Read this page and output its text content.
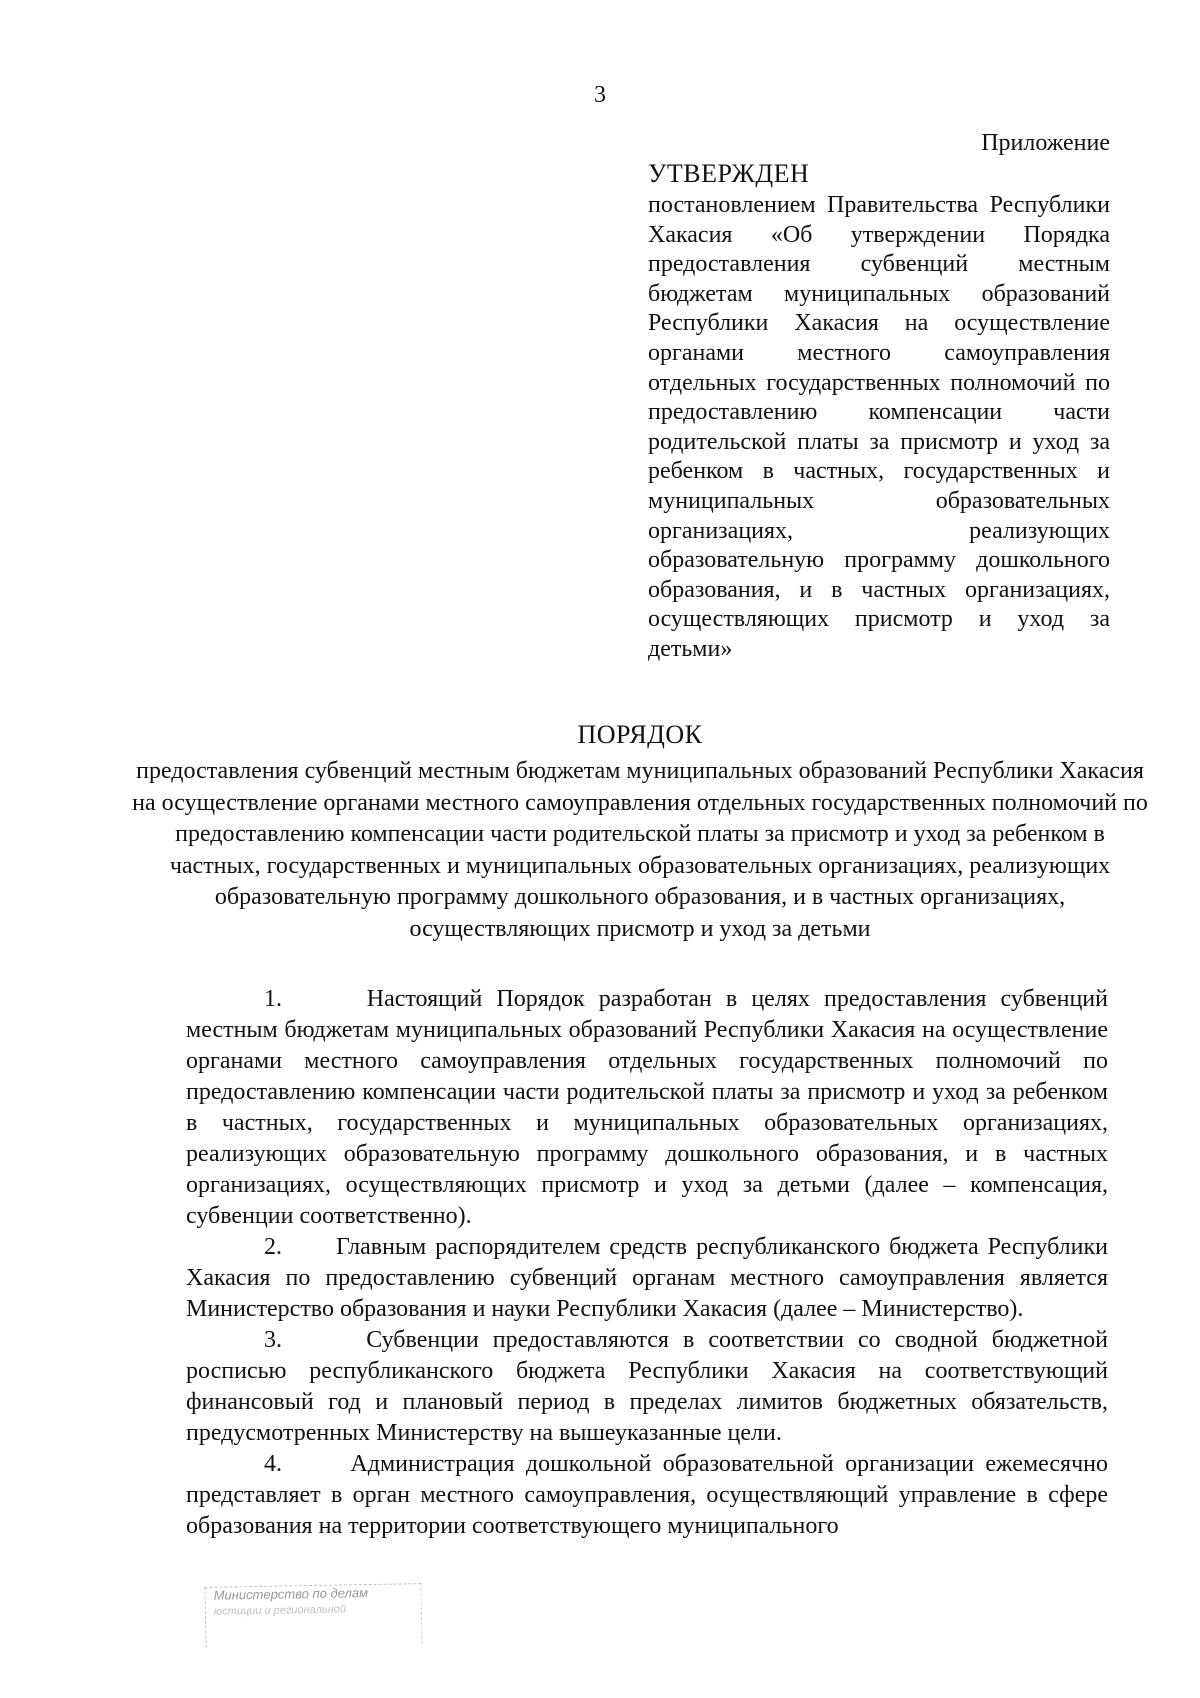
3

Приложение

УТВЕРЖДЕН

постановлением Правительства Республики Хакасия «Об утверждении Порядка предоставления субвенций местным бюджетам муниципальных образований Республики Хакасия на осуществление органами местного самоуправления отдельных государственных полномочий по предоставлению компенсации части родительской платы за присмотр и уход за ребенком в частных, государственных и муниципальных образовательных организациях, реализующих образовательную программу дошкольного образования, и в частных организациях, осуществляющих присмотр и уход за детьми»

ПОРЯДОК

предоставления субвенций местным бюджетам муниципальных образований Республики Хакасия на осуществление органами местного самоуправления отдельных государственных полномочий по предоставлению компенсации части родительской платы за присмотр и уход за ребенком в частных, государственных и муниципальных образовательных организациях, реализующих образовательную программу дошкольного образования, и в частных организациях, осуществляющих присмотр и уход за детьми

1.      Настоящий Порядок разработан в целях предоставления субвенций местным бюджетам муниципальных образований Республики Хакасия на осуществление органами местного самоуправления отдельных государственных полномочий по предоставлению компенсации части родительской платы за присмотр и уход за ребенком в частных, государственных и муниципальных образовательных организациях, реализующих образовательную программу дошкольного образования, и в частных организациях, осуществляющих присмотр и уход за детьми (далее – компенсация, субвенции соответственно).

2.      Главным распорядителем средств республиканского бюджета Республики Хакасия по предоставлению субвенций органам местного самоуправления является Министерство образования и науки Республики Хакасия (далее – Министерство).

3.      Субвенции предоставляются в соответствии со сводной бюджетной росписью республиканского бюджета Республики Хакасия на соответствующий финансовый год и плановый период в пределах лимитов бюджетных обязательств, предусмотренных Министерству на вышеуказанные цели.

4.      Администрация дошкольной образовательной организации ежемесячно представляет в орган местного самоуправления, осуществляющий управление в сфере образования на территории соответствующего муниципального

Министерство по делам
юстиции и региональной
